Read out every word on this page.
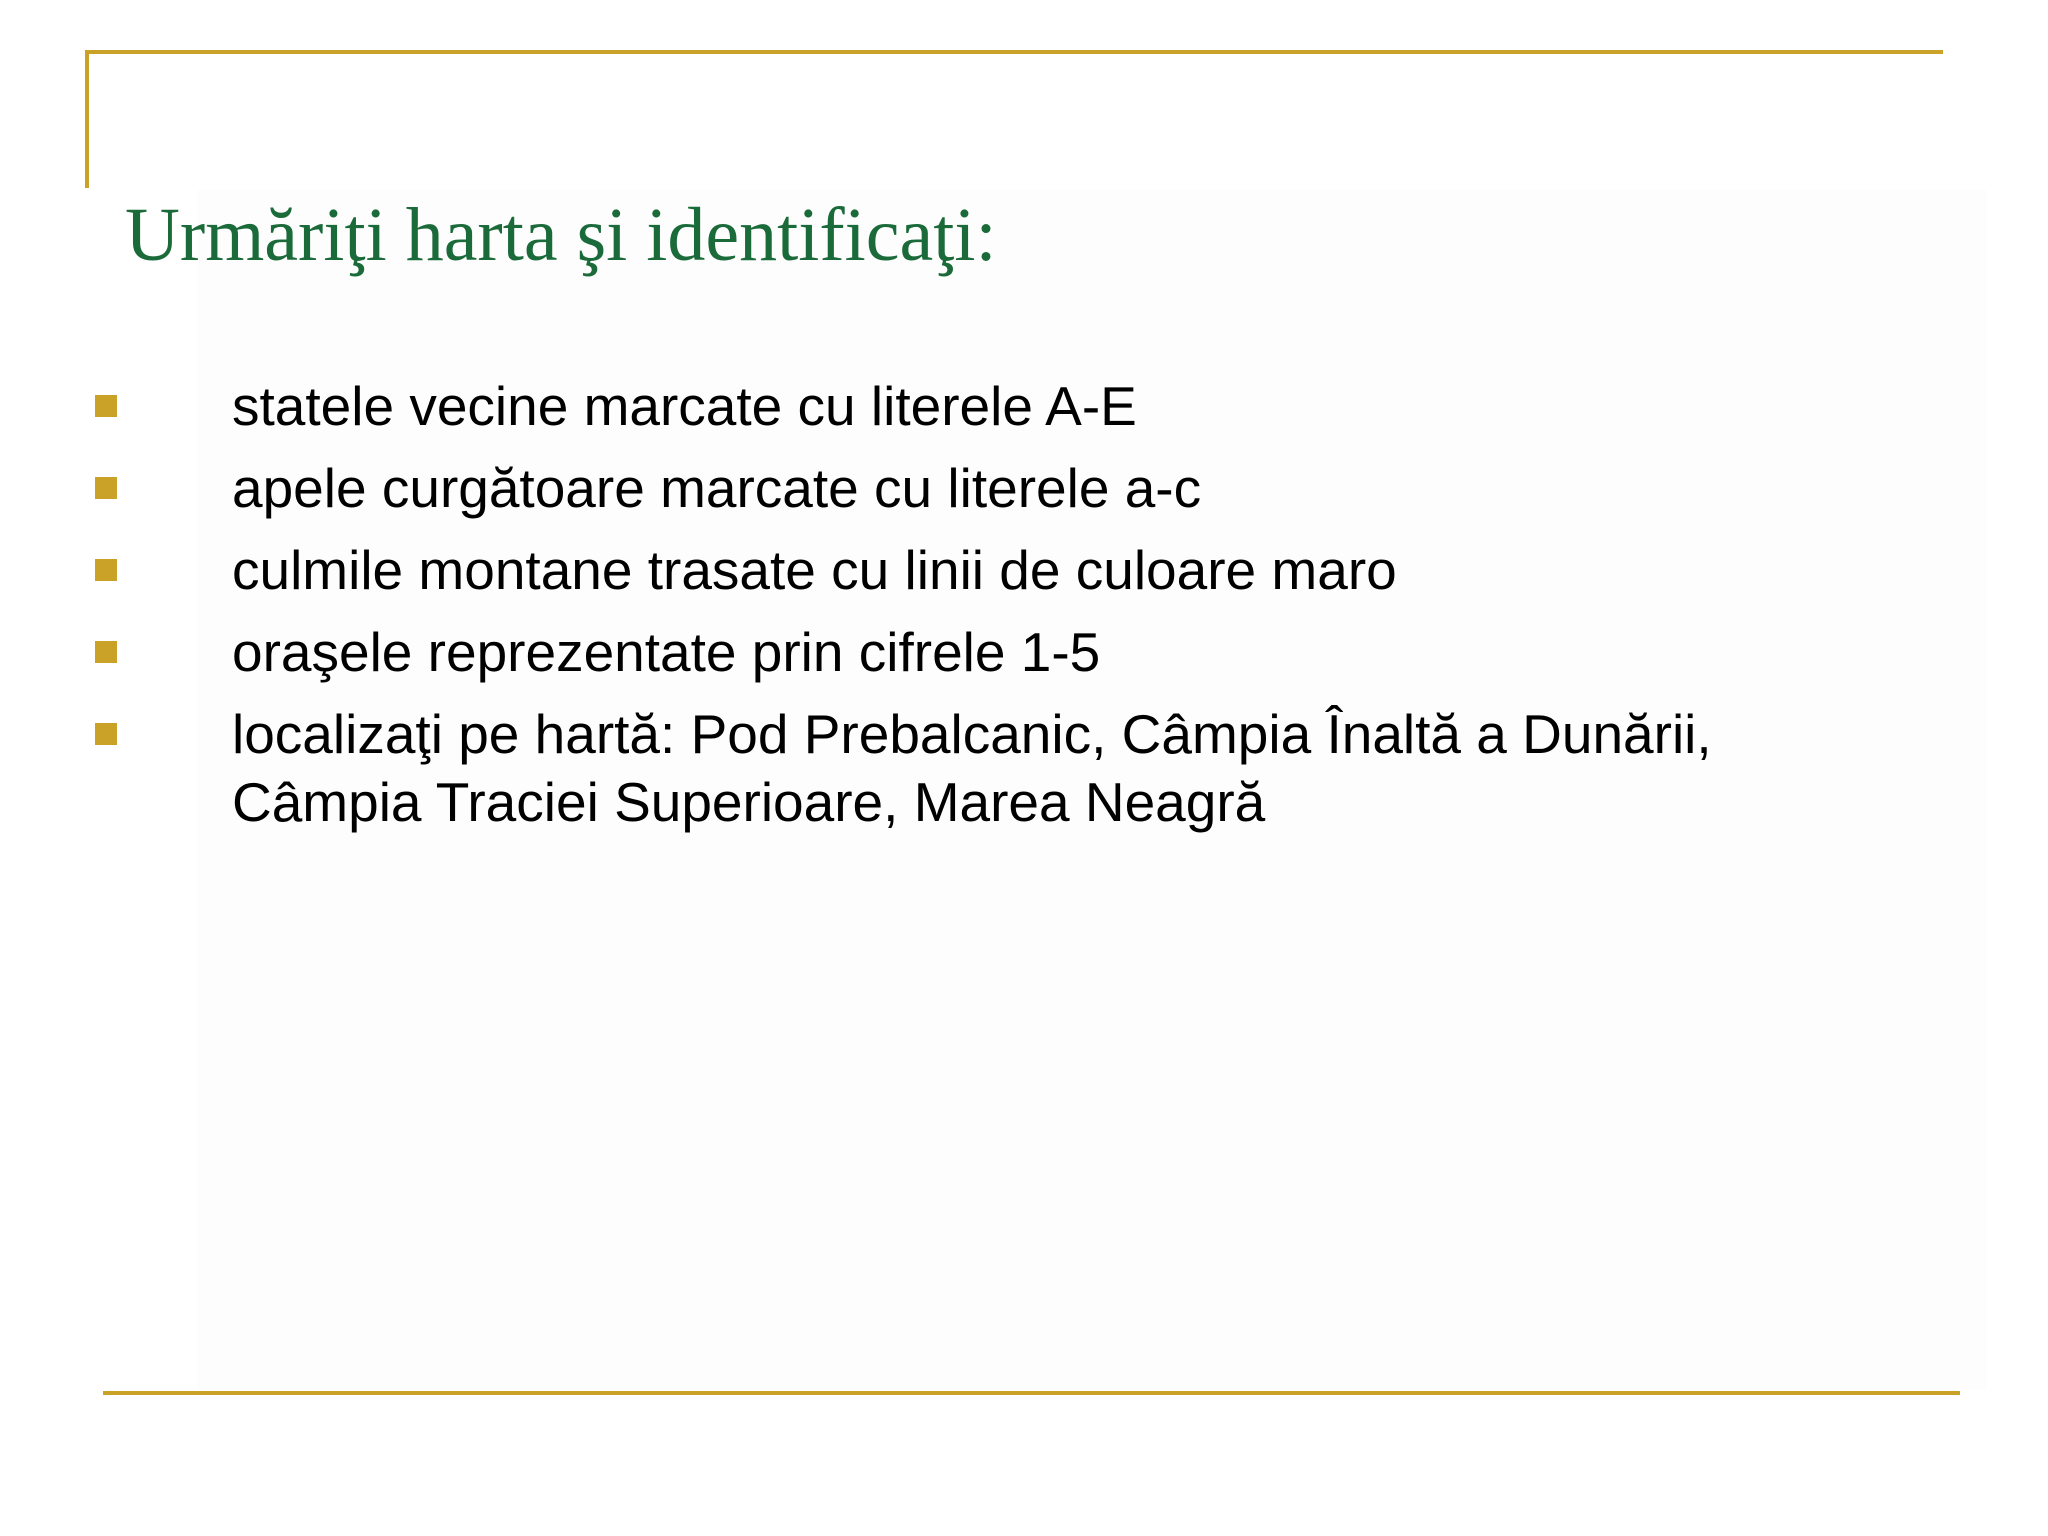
Urmăriţi harta şi identificaţi:
statele vecine marcate cu literele A-E
apele curgătoare marcate cu literele a-c
culmile montane trasate cu linii de culoare maro
oraşele reprezentate prin cifrele 1-5
localizaţi pe hartă: Pod Prebalcanic, Câmpia Înaltă a Dunării, Câmpia Traciei Superioare, Marea Neagră
